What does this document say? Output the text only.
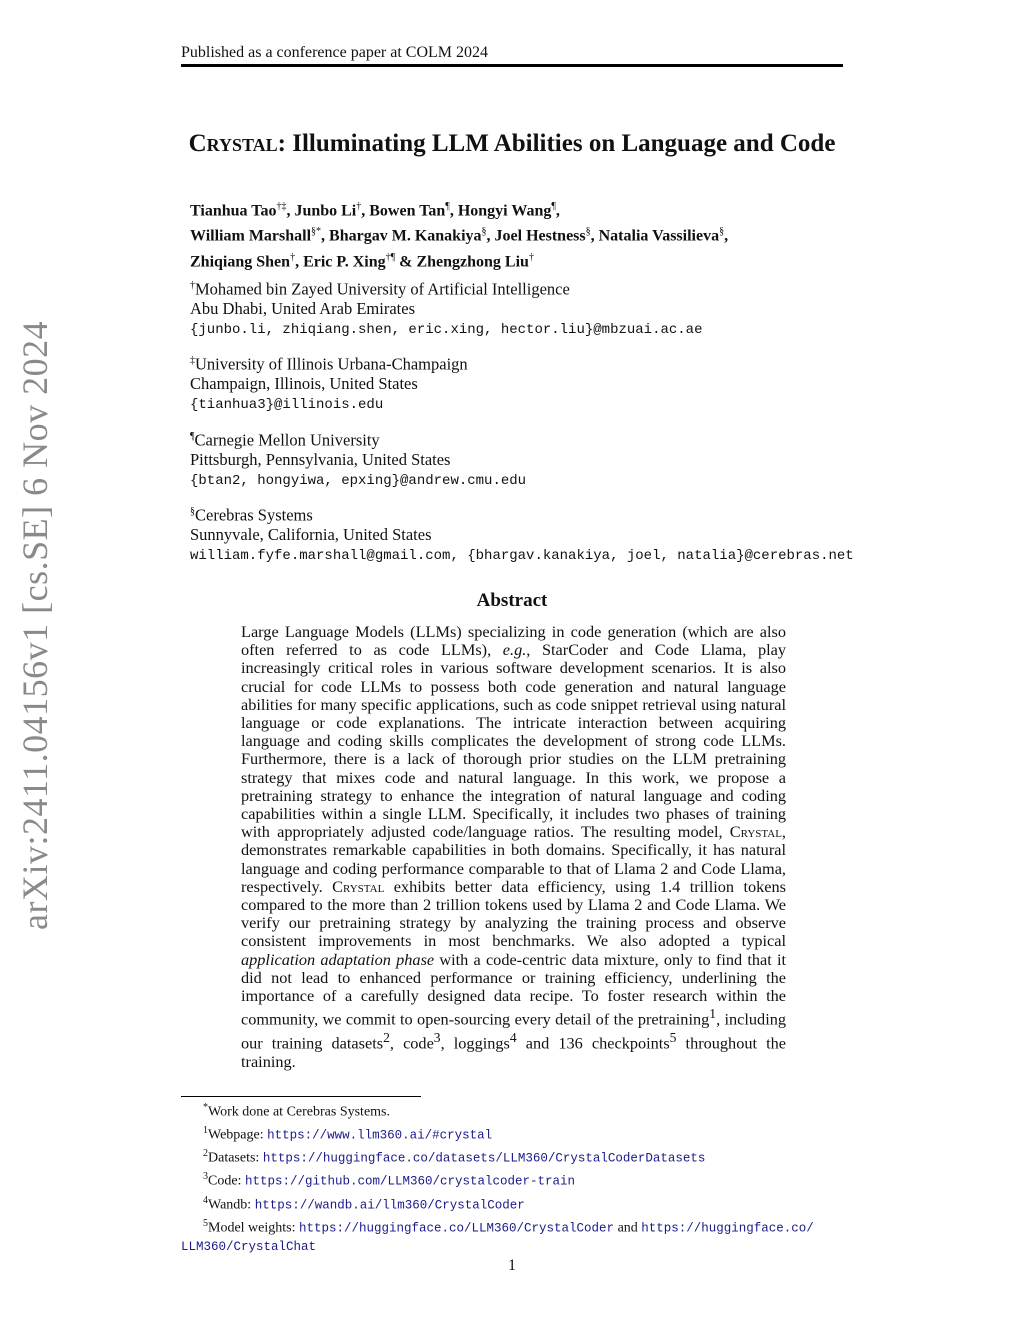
Published as a conference paper at COLM 2024
arXiv:2411.04156v1 [cs.SE] 6 Nov 2024
Crystal: Illuminating LLM Abilities on Language and Code
Tianhua Tao†‡, Junbo Li†, Bowen Tan¶, Hongyi Wang¶,
William Marshall§*, Bhargav M. Kanakiya§, Joel Hestness§, Natalia Vassilieva§,
Zhiqiang Shen†, Eric P. Xing†¶ & Zhengzhong Liu†
†Mohamed bin Zayed University of Artificial Intelligence
Abu Dhabi, United Arab Emirates
{junbo.li, zhiqiang.shen, eric.xing, hector.liu}@mbzuai.ac.ae
‡University of Illinois Urbana-Champaign
Champaign, Illinois, United States
{tianhua3}@illinois.edu
¶Carnegie Mellon University
Pittsburgh, Pennsylvania, United States
{btan2, hongyiwa, epxing}@andrew.cmu.edu
§Cerebras Systems
Sunnyvale, California, United States
william.fyfe.marshall@gmail.com, {bhargav.kanakiya, joel, natalia}@cerebras.net
Abstract
Large Language Models (LLMs) specializing in code generation (which are also often referred to as code LLMs), e.g., StarCoder and Code Llama, play increasingly critical roles in various software development scenarios. It is also crucial for code LLMs to possess both code generation and natural language abilities for many specific applications, such as code snippet retrieval using natural language or code explanations. The intricate interaction between acquiring language and coding skills complicates the development of strong code LLMs. Furthermore, there is a lack of thorough prior studies on the LLM pretraining strategy that mixes code and natural language. In this work, we propose a pretraining strategy to enhance the integration of natural language and coding capabilities within a single LLM. Specifically, it includes two phases of training with appropriately adjusted code/language ratios. The resulting model, Crystal, demonstrates remarkable capabilities in both domains. Specifically, it has natural language and coding performance comparable to that of Llama 2 and Code Llama, respectively. Crystal exhibits better data efficiency, using 1.4 trillion tokens compared to the more than 2 trillion tokens used by Llama 2 and Code Llama. We verify our pretraining strategy by analyzing the training process and observe consistent improvements in most benchmarks. We also adopted a typical application adaptation phase with a code-centric data mixture, only to find that it did not lead to enhanced performance or training efficiency, underlining the importance of a carefully designed data recipe. To foster research within the community, we commit to open-sourcing every detail of the pretraining$^1$, including our training datasets$^2$, code$^3$, loggings$^4$ and 136 checkpoints$^5$ throughout the training.
*Work done at Cerebras Systems.
$^1$Webpage: https://www.llm360.ai/#crystal
$^2$Datasets: https://huggingface.co/datasets/LLM360/CrystalCoderDatasets
$^3$Code: https://github.com/LLM360/crystalcoder-train
$^4$Wandb: https://wandb.ai/llm360/CrystalCoder
$^5$Model weights: https://huggingface.co/LLM360/CrystalCoder and https://huggingface.co/
LLM360/CrystalChat
1
